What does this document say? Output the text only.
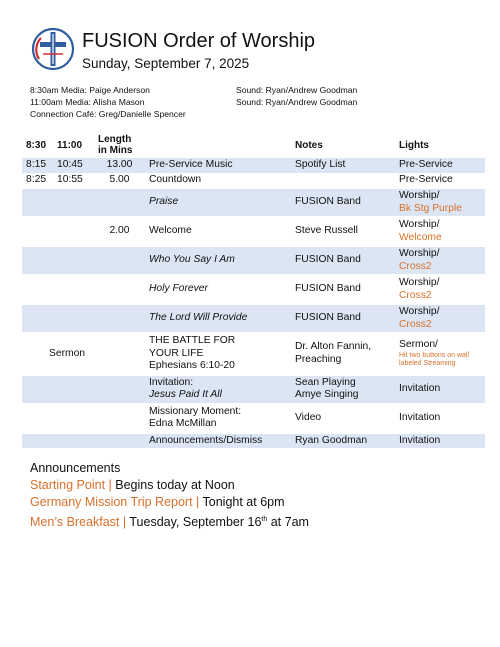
FUSION Order of Worship
Sunday, September 7, 2025
8:30am Media: Paige Anderson
11:00am Media: Alisha Mason
Connection Café: Greg/Danielle Spencer
Sound: Ryan/Andrew Goodman
Sound: Ryan/Andrew Goodman
8:30	11:00	Length in Mins		Notes	Lights
8:15	10:45	13.00	Pre-Service Music	Spotify List	Pre-Service
8:25	10:55	5.00	Countdown		Pre-Service
			Praise	FUSION Band	Worship/
Bk Stg Purple
		2.00	Welcome	Steve Russell	Worship/
Welcome
			Who You Say I Am	FUSION Band	Worship/
Cross2
			Holy Forever	FUSION Band	Worship/
Cross2
			The Lord Will Provide	FUSION Band	Worship/
Cross2
Sermon			THE BATTLE FOR
YOUR LIFE
Ephesians 6:10-20	Dr. Alton Fannin,
Preaching	Sermon/
Hit two buttons on wall labeled Streaming

			Invitation:
Jesus Paid It All	Sean Playing
Amye Singing	Invitation
			Missionary Moment:
Edna McMillan	Video	Invitation
			Announcements/Dismiss	Ryan Goodman	Invitation
Announcements
Starting Point | Begins today at Noon
Germany Mission Trip Report | Tonight at 6pm
Men’s Breakfast | Tuesday, September 16th at 7am
